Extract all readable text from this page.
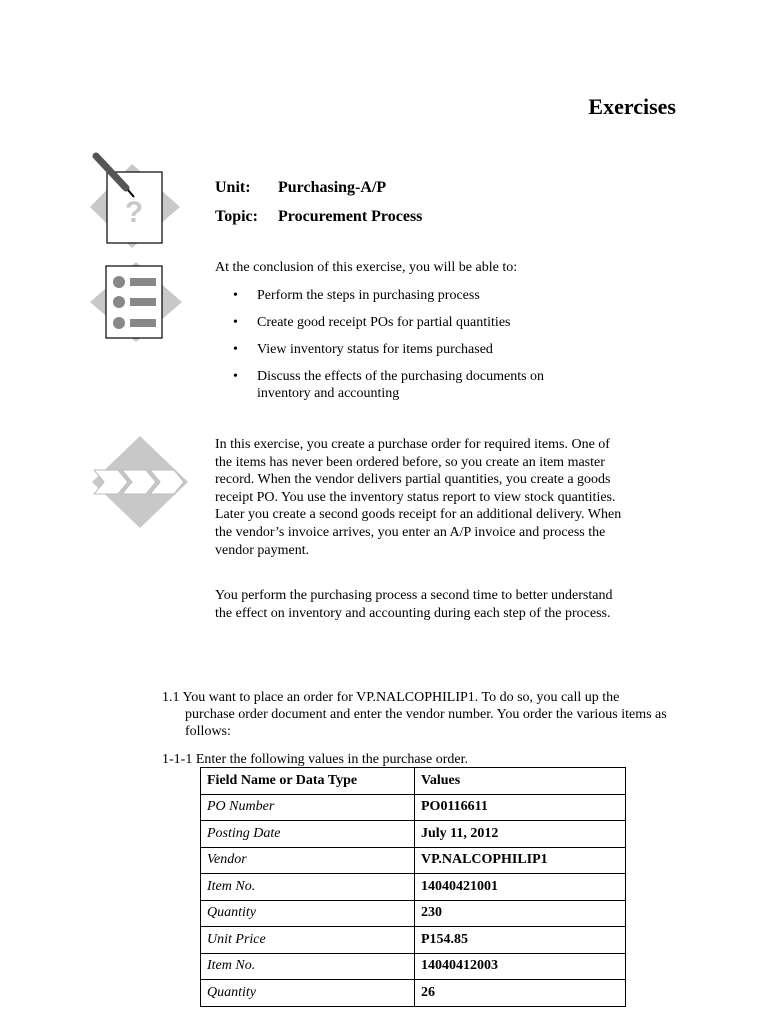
Exercises
?
Unit: Purchasing-A/P
Topic: Procurement Process
At the conclusion of this exercise, you will be able to:
• Perform the steps in purchasing process
• Create good receipt POs for partial quantities
• View inventory status for items purchased
• Discuss the effects of the purchasing documents on inventory and accounting

In this exercise, you create a purchase order for required items. One of the items has never been ordered before, so you create an item master record. When the vendor delivers partial quantities, you create a goods receipt PO. You use the inventory status report to view stock quantities. Later you create a second goods receipt for an additional delivery. When the vendor’s invoice arrives, you enter an A/P invoice and process the vendor payment.

You perform the purchasing process a second time to better understand the effect on inventory and accounting during each step of the process.

1.1 You want to place an order for VP.NALCOPHILIP1. To do so, you call up the
purchase order document and enter the vendor number. You order the various items as follows:
1-1-1 Enter the following values in the purchase order.
Field Name or Data Type	Values
PO Number	PO0116611
Posting Date	July 11, 2012
Vendor	VP.NALCOPHILIP1
Item No.	14040421001
Quantity	230
Unit Price	P154.85
Item No.	14040412003
Quantity	26
